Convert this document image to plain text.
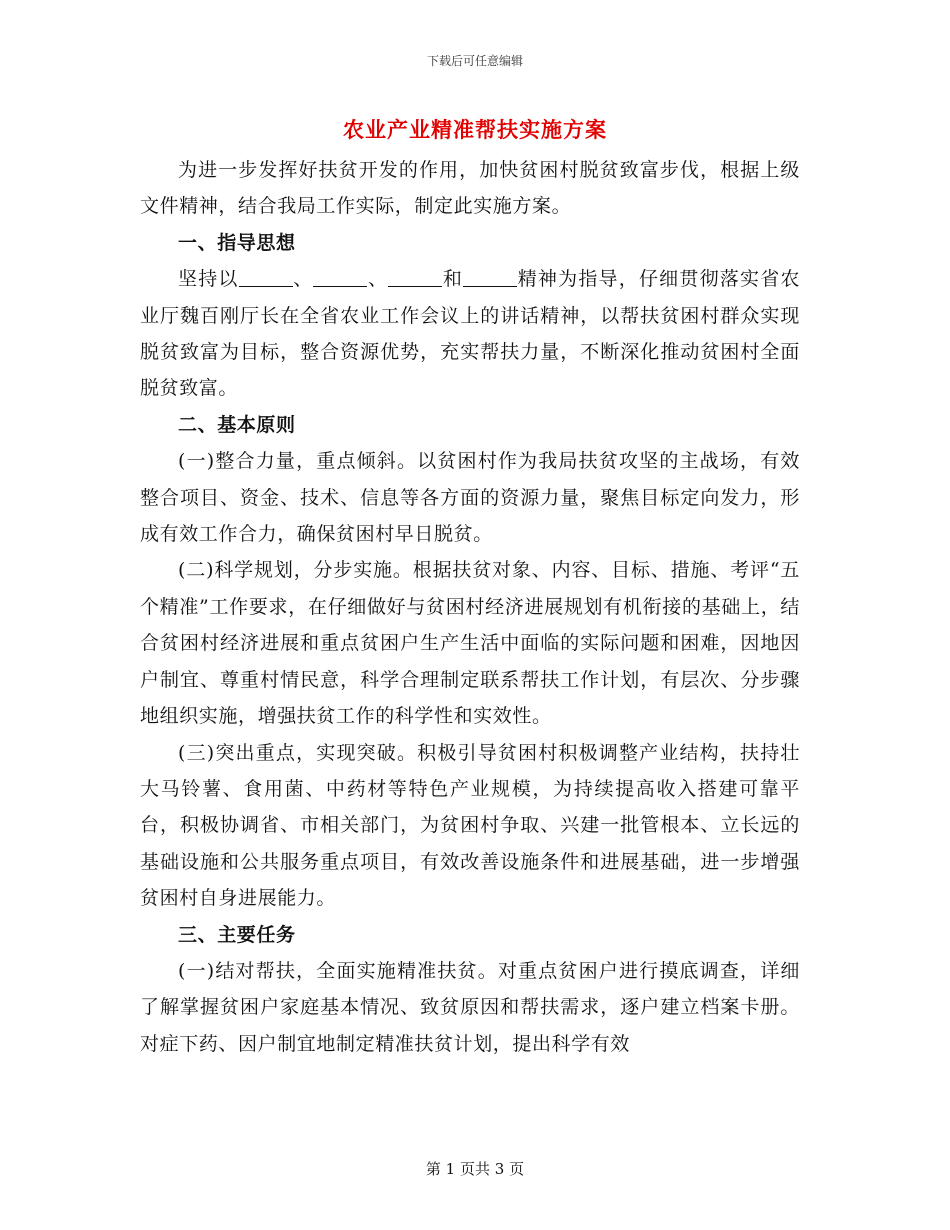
下载后可任意编辑
农业产业精准帮扶实施方案

为进一步发挥好扶贫开发的作用，加快贫困村脱贫致富步伐，根据上级文件精神，结合我局工作实际，制定此实施方案。

一、指导思想

坚持以	、	、	和	精神为指导，仔细贯彻落实省农业厅魏百刚厅长在全省农业工作会议上的讲话精神，以帮扶贫困村群众实现脱贫致富为目标，整合资源优势，充实帮扶力量，不断深化推动贫困村全面脱贫致富。

二、基本原则

(一)整合力量，重点倾斜。以贫困村作为我局扶贫攻坚的主战场，有效整合项目、资金、技术、信息等各方面的资源力量，聚焦目标定向发力，形成有效工作合力，确保贫困村早日脱贫。

(二)科学规划，分步实施。根据扶贫对象、内容、目标、措施、考评“五个精准”工作要求，在仔细做好与贫困村经济进展规划有机衔接的基础上，结合贫困村经济进展和重点贫困户生产生活中面临的实际问题和困难，因地因户制宜、尊重村情民意，科学合理制定联系帮扶工作计划，有层次、分步骤地组织实施，增强扶贫工作的科学性和实效性。

(三)突出重点，实现突破。积极引导贫困村积极调整产业结构，扶持壮大马铃薯、食用菌、中药材等特色产业规模，为持续提高收入搭建可靠平台，积极协调省、市相关部门，为贫困村争取、兴建一批管根本、立长远的基础设施和公共服务重点项目，有效改善设施条件和进展基础，进一步增强贫困村自身进展能力。

三、主要任务

(一)结对帮扶，全面实施精准扶贫。对重点贫困户进行摸底调查，详细了解掌握贫困户家庭基本情况、致贫原因和帮扶需求，逐户建立档案卡册。对症下药、因户制宜地制定精准扶贫计划，提出科学有效

第 1 页共 3 页
